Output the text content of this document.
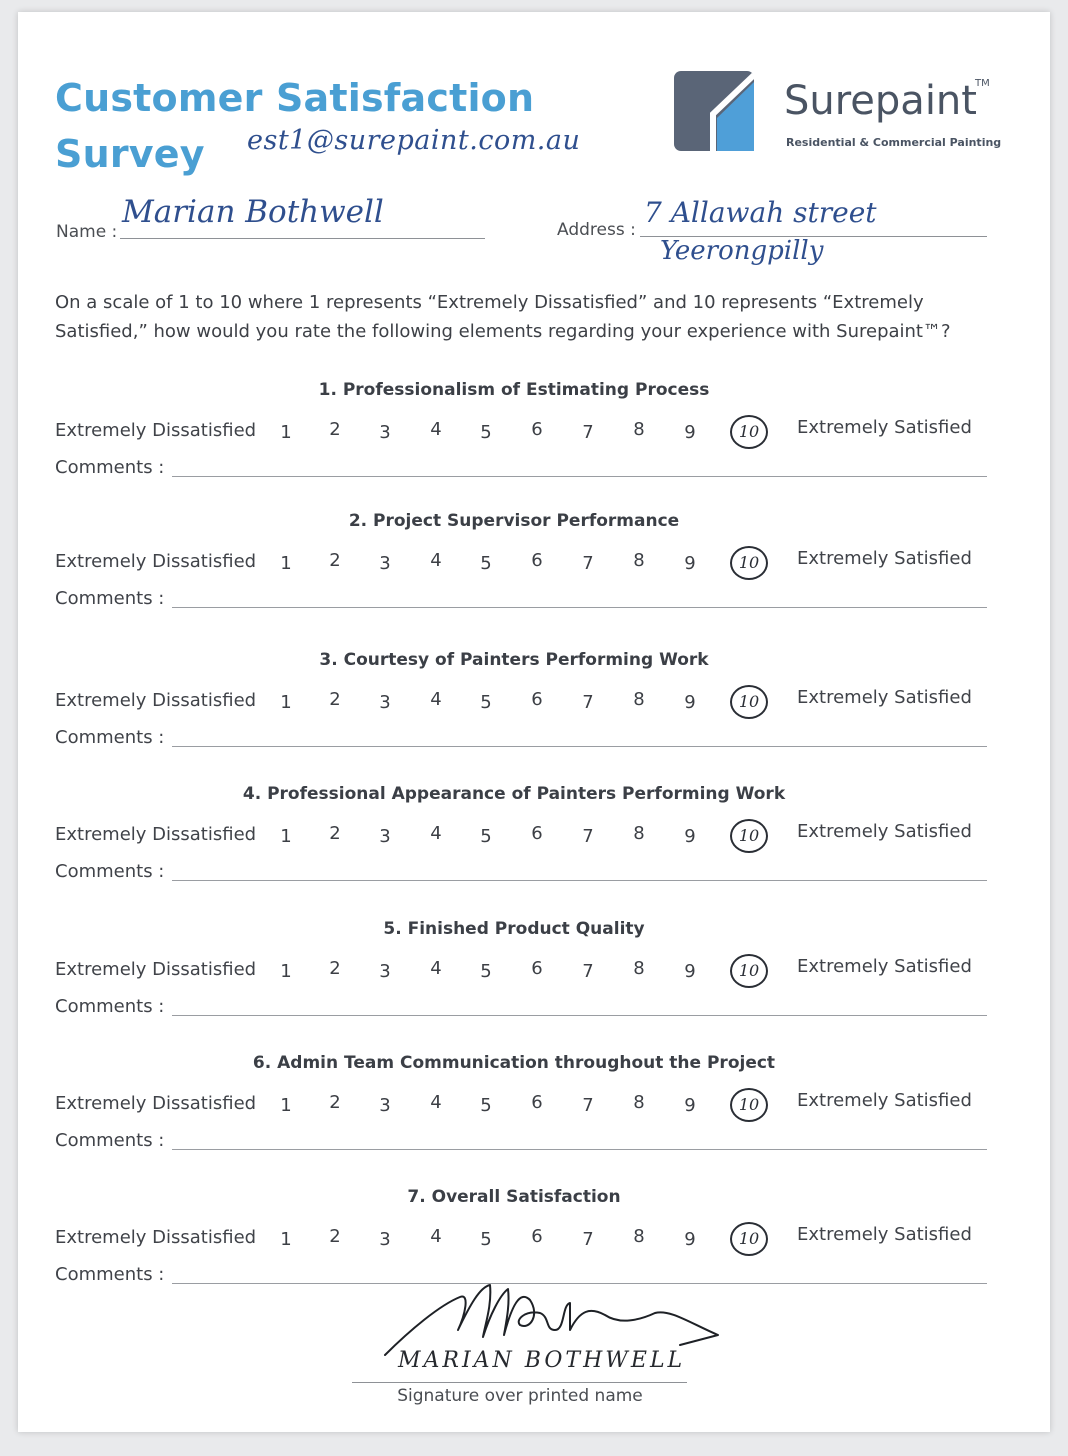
Customer Satisfaction
Survey	est1@surepaint.com.au
Surepaint
TM
Residential & Commercial Painting
Name :
Marian Bothwell	Address :
7 Allawah street
Yeerongpilly
On a scale of 1 to 10 where 1 represents “Extremely Dissatisfied” and 10 represents “Extremely Satisfied,” how would you rate the following elements regarding your experience with Surepaint™?
1. Professionalism of Estimating Process
Extremely Dissatisfied 1 2 3 4 5 6 7 8 9	10	Extremely Satisfied
Comments :
2. Project Supervisor Performance
Extremely Dissatisfied 1 2 3 4 5 6 7 8 9	10	Extremely Satisfied
Comments :
3. Courtesy of Painters Performing Work
Extremely Dissatisfied 1 2 3 4 5 6 7 8 9	10	Extremely Satisfied
Comments :
4. Professional Appearance of Painters Performing Work
Extremely Dissatisfied 1 2 3 4 5 6 7 8 9	10	Extremely Satisfied
Comments :
5. Finished Product Quality
Extremely Dissatisfied 1 2 3 4 5 6 7 8 9	10	Extremely Satisfied
Comments :
6. Admin Team Communication throughout the Project
Extremely Dissatisfied 1 2 3 4 5 6 7 8 9	10	Extremely Satisfied
Comments :
7. Overall Satisfaction
Extremely Dissatisfied 1 2 3 4 5 6 7 8 9	10	Extremely Satisfied
Comments :
MARIAN BOTHWELL
Signature over printed name
